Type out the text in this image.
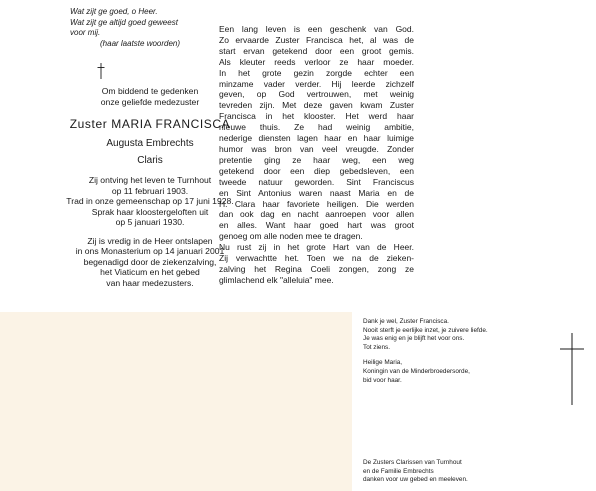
Wat zijt ge goed, o Heer.
Wat zijt ge altijd goed geweest
voor mij.
(haar laatste woorden)
Om biddend te gedenken
onze geliefde medezuster
Zuster MARIA FRANCISCA
Augusta Embrechts
Claris
Zij ontving het leven te Turnhout
op 11 februari 1903.
Trad in onze gemeenschap op 17 juni 1928.
Sprak haar kloostergeloften uit
op 5 januari 1930.
Zij is vredig in de Heer ontslapen
in ons Monasterium op 14 januari 2001
begenadigd door de ziekenzalving,
het Viaticum en het gebed
van haar medezusters.
Een lang leven is een geschenk van God.
Zo ervaarde Zuster Francisca het, al was de
start ervan getekend door een groot gemis.
Als kleuter reeds verloor ze haar moeder.
In het grote gezin zorgde echter een
minzame vader verder. Hij leerde zichzelf
geven, op God vertrouwen, met weinig
tevreden zijn. Met deze gaven kwam Zuster
Francisca in het klooster. Het werd haar
nieuwe thuis. Ze had weinig ambitie,
nederige diensten lagen haar en haar luimige
humor was bron van veel vreugde. Zonder
pretentie ging ze haar weg, een weg
getekend door een diep gebedsleven, een
tweede natuur geworden. Sint Franciscus
en Sint Antonius waren naast Maria en de
H. Clara haar favoriete heiligen. Die werden
dan ook dag en nacht aanroepen voor allen
en alles. Want haar goed hart was groot
genoeg om alle noden mee te dragen.
Nu rust zij in het grote Hart van de Heer.
Zij verwachtte het. Toen we na de zieken-
zalving het Regina Coeli zongen, zong ze
glimlachend elk "alleluia" mee.
Dank je wel, Zuster Francisca.
Nooit sterft je eerlijke inzet, je zuivere liefde.
Je was enig en je blijft het voor ons.
Tot ziens.
Heilige Maria,
Koningin van de Minderbroedersorde,
bid voor haar.
De Zusters Clarissen van Turnhout
en de Familie Embrechts
danken voor uw gebed en meeleven.
